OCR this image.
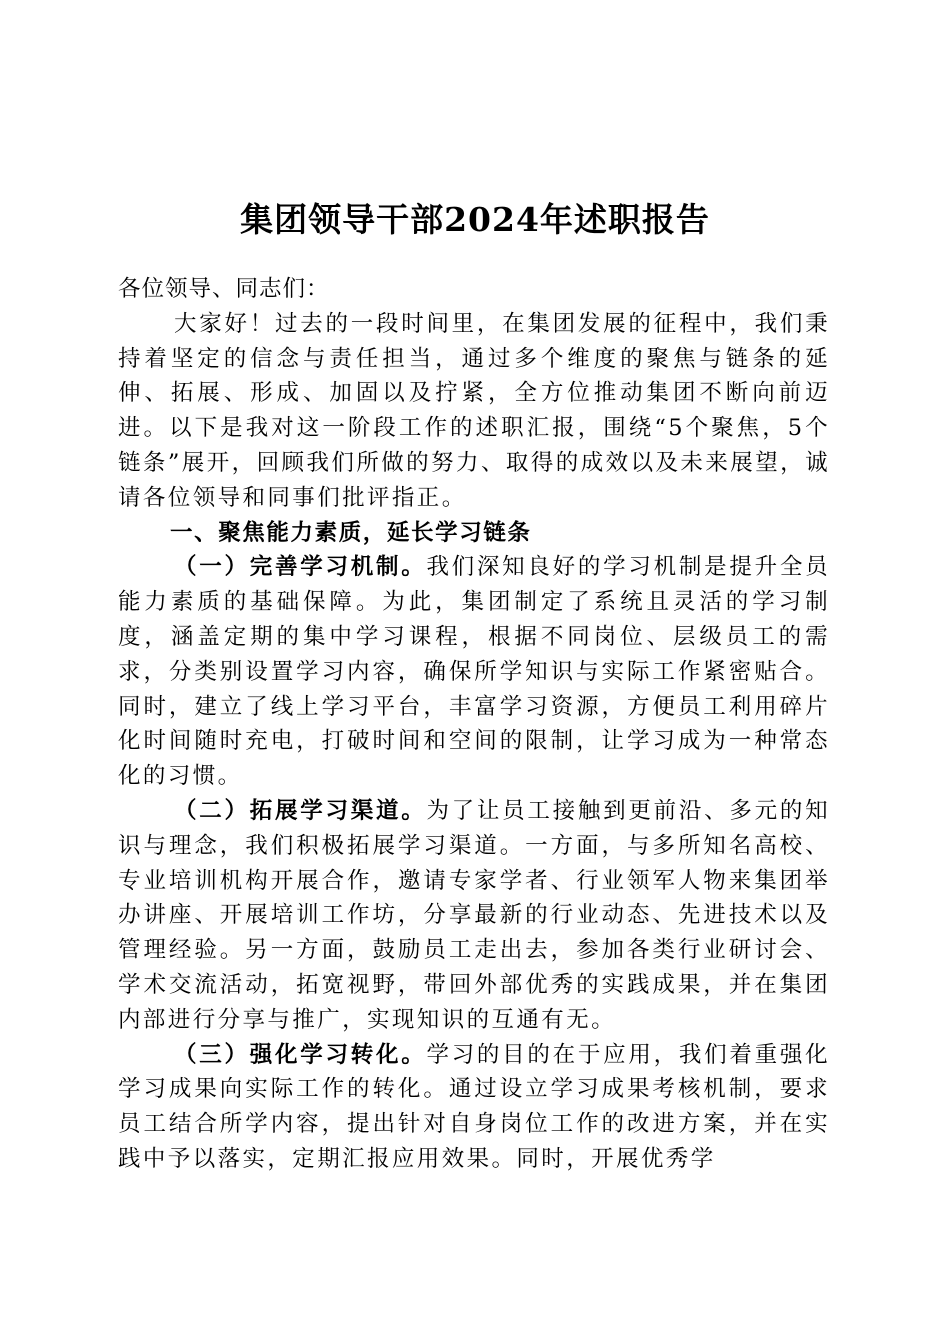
集团领导干部2024年述职报告

各位领导、同志们：

大家好！过去的一段时间里，在集团发展的征程中，我们秉持着坚定的信念与责任担当，通过多个维度的聚焦与链条的延伸、拓展、形成、加固以及拧紧，全方位推动集团不断向前迈进。以下是我对这一阶段工作的述职汇报，围绕“5个聚焦，5个链条”展开，回顾我们所做的努力、取得的成效以及未来展望，诚请各位领导和同事们批评指正。

一、聚焦能力素质，延长学习链条

（一）完善学习机制。我们深知良好的学习机制是提升全员能力素质的基础保障。为此，集团制定了系统且灵活的学习制度，涵盖定期的集中学习课程，根据不同岗位、层级员工的需求，分类别设置学习内容，确保所学知识与实际工作紧密贴合。同时，建立了线上学习平台，丰富学习资源，方便员工利用碎片化时间随时充电，打破时间和空间的限制，让学习成为一种常态化的习惯。

（二）拓展学习渠道。为了让员工接触到更前沿、多元的知识与理念，我们积极拓展学习渠道。一方面，与多所知名高校、专业培训机构开展合作，邀请专家学者、行业领军人物来集团举办讲座、开展培训工作坊，分享最新的行业动态、先进技术以及管理经验。另一方面，鼓励员工走出去，参加各类行业研讨会、学术交流活动，拓宽视野，带回外部优秀的实践成果，并在集团内部进行分享与推广，实现知识的互通有无。

（三）强化学习转化。学习的目的在于应用，我们着重强化学习成果向实际工作的转化。通过设立学习成果考核机制，要求员工结合所学内容，提出针对自身岗位工作的改进方案，并在实践中予以落实，定期汇报应用效果。同时，开展优秀学
